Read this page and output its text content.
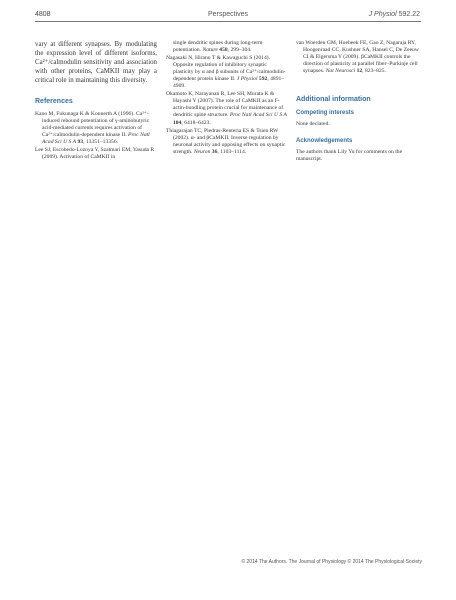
4808	Perspectives	J Physiol 592.22

vary at different synapses. By modulating the expression level of different isoforms, Ca²⁺/calmodulin sensitivity and association with other proteins, CaMKII may play a critical role in maintaining this diversity.

References

Kano M, Fukunaga K & Konnerth A (1996). Ca²⁺-induced rebound potentiation of γ-aminobutyric acid-mediated currents requires activation of Ca²⁺/calmodulin-dependent kinase II. Proc Natl Acad Sci U S A 93, 13351–13356.

Lee SJ, Escobedo-Lozoya Y, Szatmari EM, Yasuda R (2009). Activation of CaMKII in

single dendritic spines during long-term potentiation. Nature 458, 299–304.

Nagasaki N, Hirano T & Kawaguchi S (2014). Opposite regulation of inhibitory synaptic plasticity by α and β subunits of Ca²⁺/calmodulin-dependent protein kinase II. J Physiol 592, 4891–4909.

Okamoto K, Narayanan R, Lee SH, Murata K & Hayashi Y (2007). The role of CaMKII as an F-actin-bundling protein crucial for maintenance of dendritic spine structure. Proc Natl Acad Sci U S A 104, 6418–6423.

Thiagarajan TC, Piedras-Renteria ES & Tsien RW (2002). α- and βCaMKII. Inverse regulation by neuronal activity and opposing effects on synaptic strength. Neuron 36, 1103–1114.

van Woerden GM, Hoebeek FE, Gao Z, Nagaraja RY, Hoogenraad CC, Kushner SA, Hansel C, De Zeeuw CI & Elgersma Y (2009). βCaMKII controls the direction of plasticity at parallel fiber–Purkinje cell synapses. Nat Neurosci 12, 823–825.

Additional information

Competing interests

None declared.

Acknowledgements

The authors thank Lily Yu for comments on the manuscript.

© 2014 The Authors. The Journal of Physiology © 2014 The Physiological Society
